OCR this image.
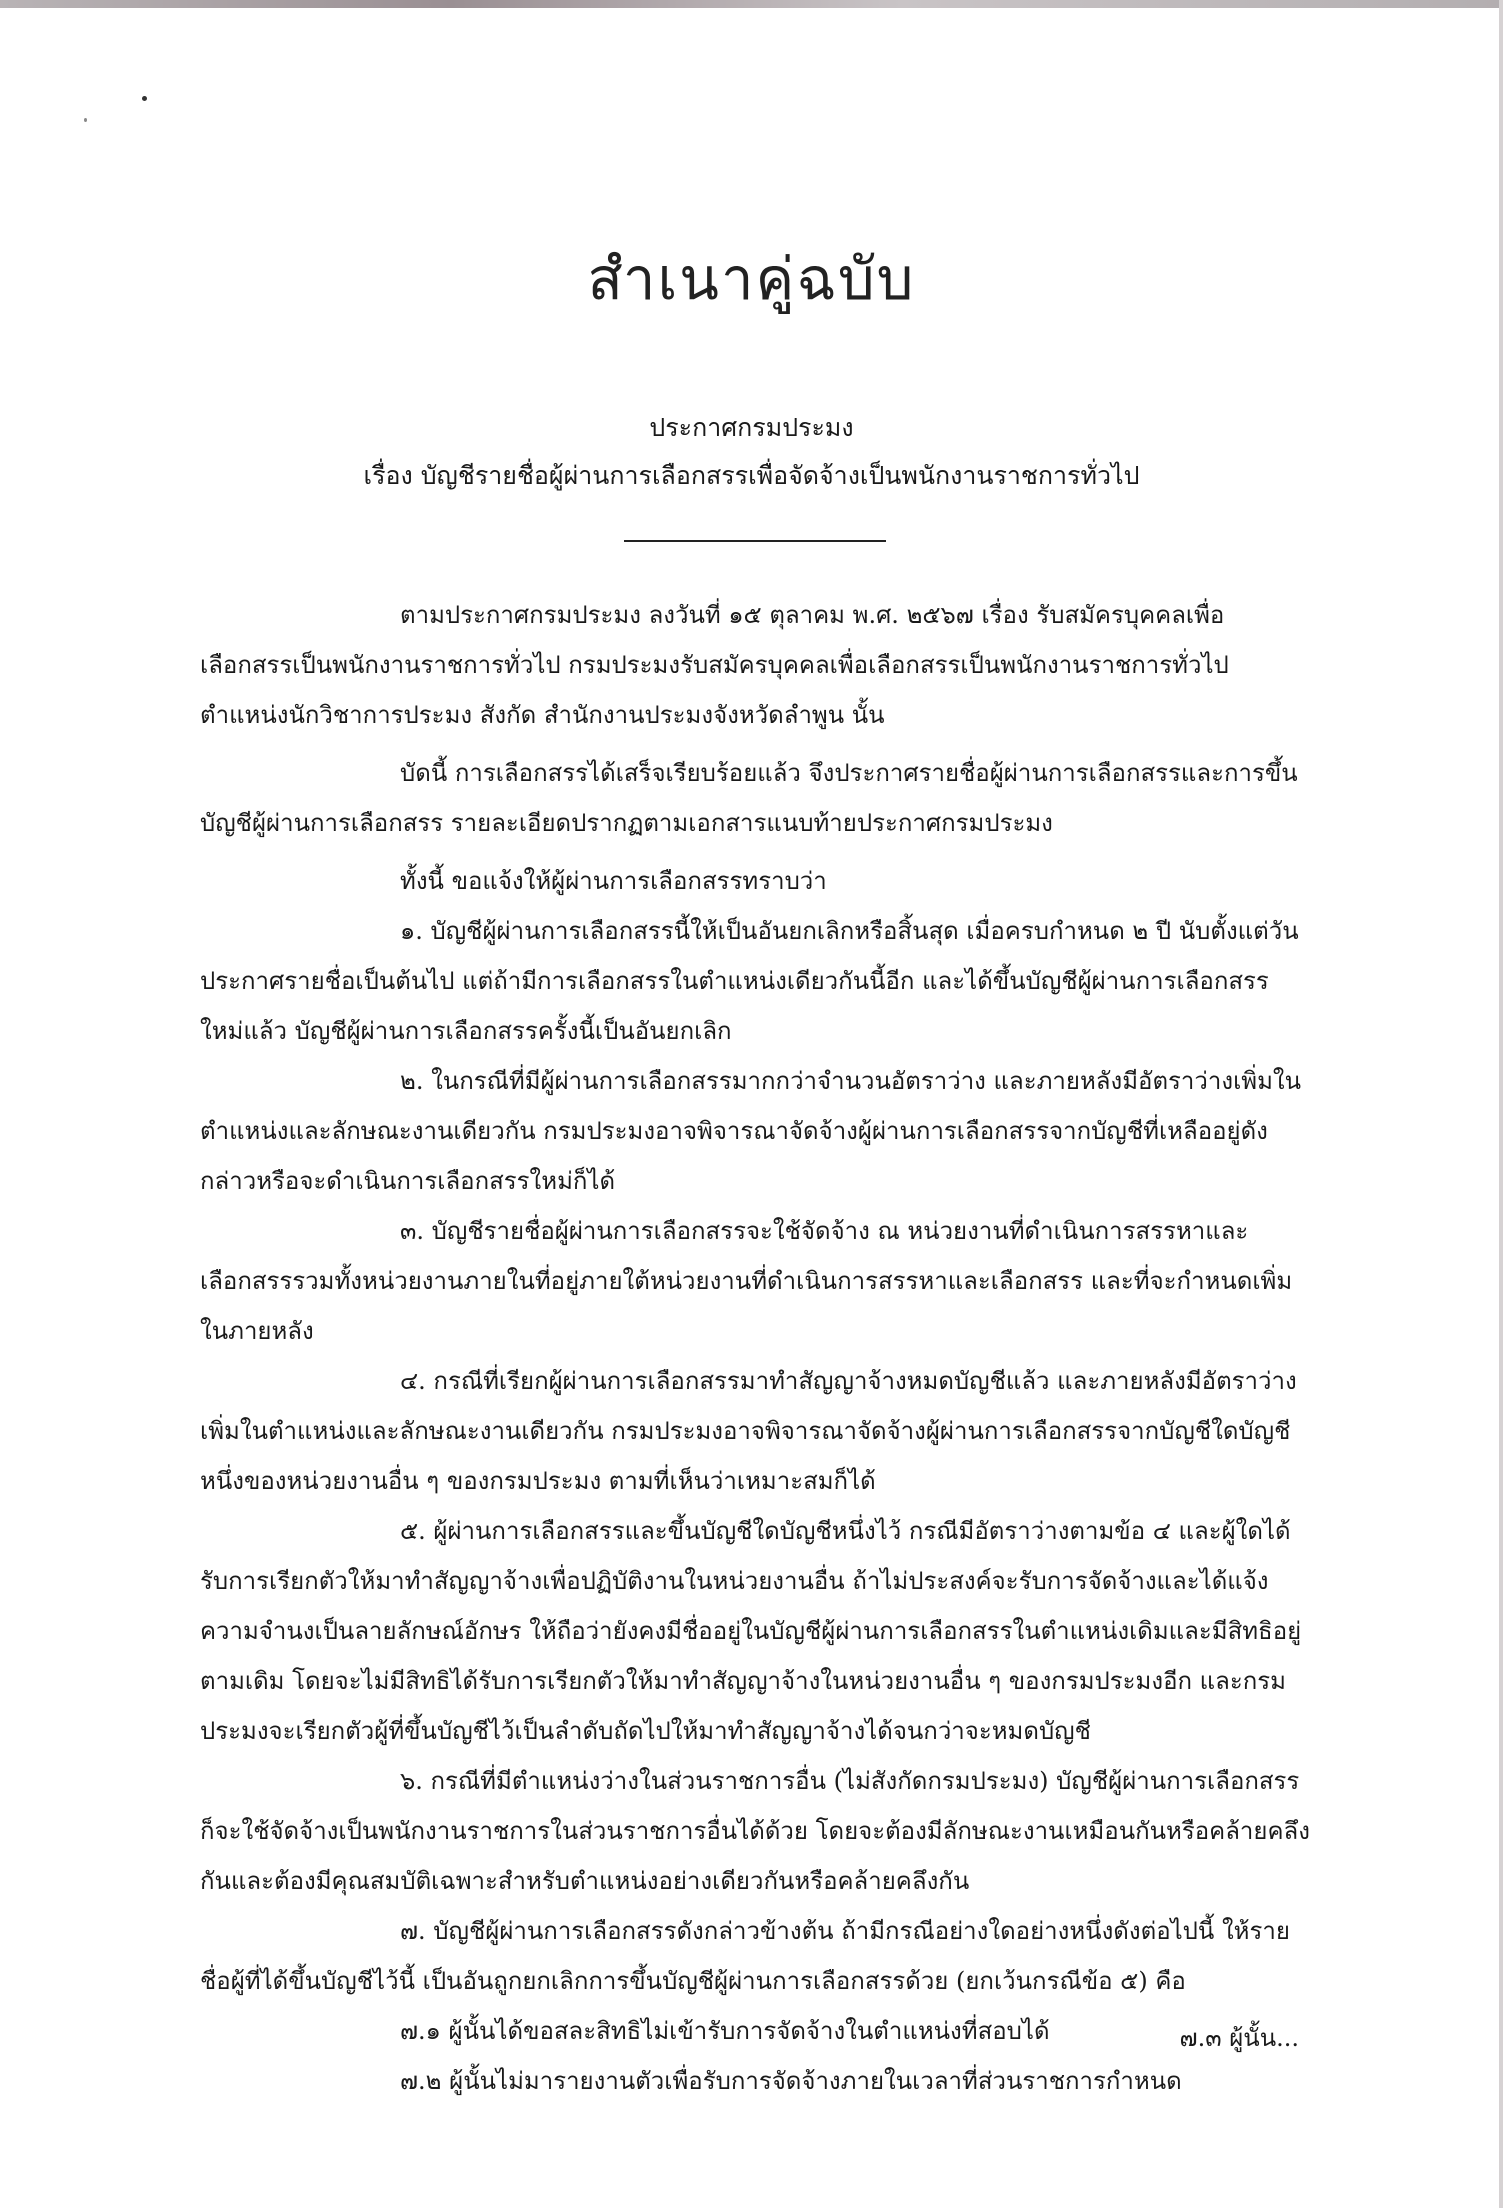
สำเนาคู่ฉบับ
ประกาศกรมประมง
เรื่อง บัญชีรายชื่อผู้ผ่านการเลือกสรรเพื่อจัดจ้างเป็นพนักงานราชการทั่วไป

ตามประกาศกรมประมง ลงวันที่ ๑๕ ตุลาคม พ.ศ. ๒๕๖๗ เรื่อง รับสมัครบุคคลเพื่อเลือกสรรเป็นพนักงานราชการทั่วไป กรมประมงรับสมัครบุคคลเพื่อเลือกสรรเป็นพนักงานราชการทั่วไป ตำแหน่งนักวิชาการประมง สังกัด สำนักงานประมงจังหวัดลำพูน นั้น

บัดนี้ การเลือกสรรได้เสร็จเรียบร้อยแล้ว จึงประกาศรายชื่อผู้ผ่านการเลือกสรรและการขึ้นบัญชีผู้ผ่านการเลือกสรร รายละเอียดปรากฏตามเอกสารแนบท้ายประกาศกรมประมง

ทั้งนี้ ขอแจ้งให้ผู้ผ่านการเลือกสรรทราบว่า

๑. บัญชีผู้ผ่านการเลือกสรรนี้ให้เป็นอันยกเลิกหรือสิ้นสุด เมื่อครบกำหนด ๒ ปี นับตั้งแต่วันประกาศรายชื่อเป็นต้นไป แต่ถ้ามีการเลือกสรรในตำแหน่งเดียวกันนี้อีก และได้ขึ้นบัญชีผู้ผ่านการเลือกสรรใหม่แล้ว บัญชีผู้ผ่านการเลือกสรรครั้งนี้เป็นอันยกเลิก

๒. ในกรณีที่มีผู้ผ่านการเลือกสรรมากกว่าจำนวนอัตราว่าง และภายหลังมีอัตราว่างเพิ่มในตำแหน่งและลักษณะงานเดียวกัน กรมประมงอาจพิจารณาจัดจ้างผู้ผ่านการเลือกสรรจากบัญชีที่เหลืออยู่ดังกล่าวหรือจะดำเนินการเลือกสรรใหม่ก็ได้

๓. บัญชีรายชื่อผู้ผ่านการเลือกสรรจะใช้จัดจ้าง ณ หน่วยงานที่ดำเนินการสรรหาและเลือกสรรรวมทั้งหน่วยงานภายในที่อยู่ภายใต้หน่วยงานที่ดำเนินการสรรหาและเลือกสรร และที่จะกำหนดเพิ่มในภายหลัง

๔. กรณีที่เรียกผู้ผ่านการเลือกสรรมาทำสัญญาจ้างหมดบัญชีแล้ว และภายหลังมีอัตราว่างเพิ่มในตำแหน่งและลักษณะงานเดียวกัน กรมประมงอาจพิจารณาจัดจ้างผู้ผ่านการเลือกสรรจากบัญชีใดบัญชีหนึ่งของหน่วยงานอื่น ๆ ของกรมประมง ตามที่เห็นว่าเหมาะสมก็ได้

๕. ผู้ผ่านการเลือกสรรและขึ้นบัญชีใดบัญชีหนึ่งไว้ กรณีมีอัตราว่างตามข้อ ๔ และผู้ใดได้รับการเรียกตัวให้มาทำสัญญาจ้างเพื่อปฏิบัติงานในหน่วยงานอื่น ถ้าไม่ประสงค์จะรับการจัดจ้างและได้แจ้งความจำนงเป็นลายลักษณ์อักษร ให้ถือว่ายังคงมีชื่ออยู่ในบัญชีผู้ผ่านการเลือกสรรในตำแหน่งเดิมและมีสิทธิอยู่ตามเดิม โดยจะไม่มีสิทธิได้รับการเรียกตัวให้มาทำสัญญาจ้างในหน่วยงานอื่น ๆ ของกรมประมงอีก และกรมประมงจะเรียกตัวผู้ที่ขึ้นบัญชีไว้เป็นลำดับถัดไปให้มาทำสัญญาจ้างได้จนกว่าจะหมดบัญชี

๖. กรณีที่มีตำแหน่งว่างในส่วนราชการอื่น (ไม่สังกัดกรมประมง) บัญชีผู้ผ่านการเลือกสรรก็จะใช้จัดจ้างเป็นพนักงานราชการในส่วนราชการอื่นได้ด้วย โดยจะต้องมีลักษณะงานเหมือนกันหรือคล้ายคลึงกันและต้องมีคุณสมบัติเฉพาะสำหรับตำแหน่งอย่างเดียวกันหรือคล้ายคลึงกัน

๗. บัญชีผู้ผ่านการเลือกสรรดังกล่าวข้างต้น ถ้ามีกรณีอย่างใดอย่างหนึ่งดังต่อไปนี้ ให้รายชื่อผู้ที่ได้ขึ้นบัญชีไว้นี้ เป็นอันถูกยกเลิกการขึ้นบัญชีผู้ผ่านการเลือกสรรด้วย (ยกเว้นกรณีข้อ ๕) คือ

๗.๑ ผู้นั้นได้ขอสละสิทธิไม่เข้ารับการจัดจ้างในตำแหน่งที่สอบได้

๗.๒ ผู้นั้นไม่มารายงานตัวเพื่อรับการจัดจ้างภายในเวลาที่ส่วนราชการกำหนด

๗.๓ ผู้นั้น...
